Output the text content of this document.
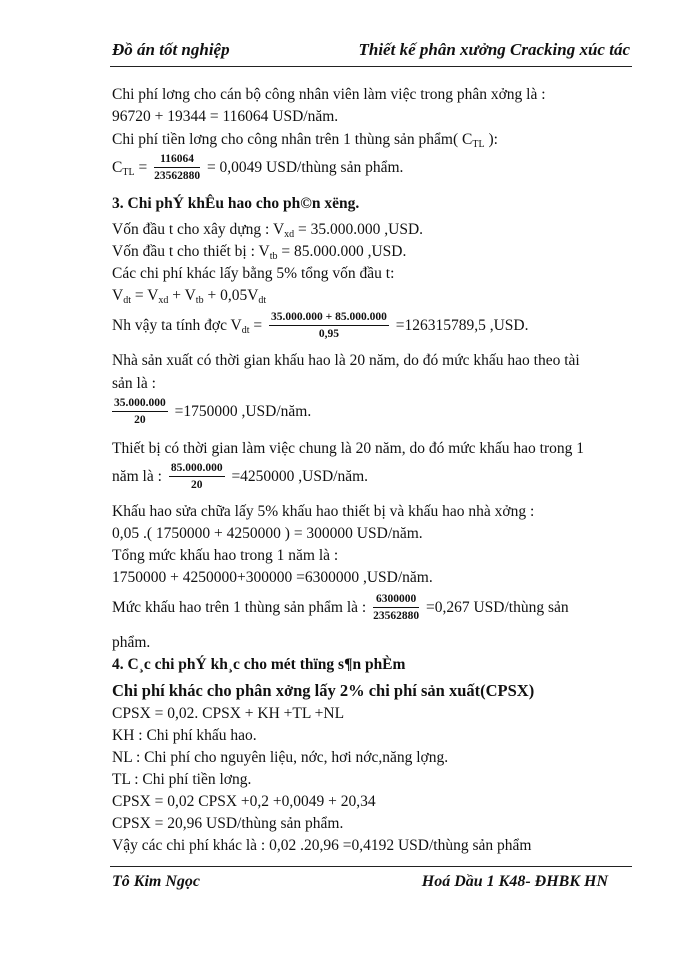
Đồ án tốt nghiệp	Thiết kế phân xưởng Cracking xúc tác
Chi phí lơng cho cán bộ công nhân viên làm việc trong phân xởng là :
96720 + 19344 = 116064 USD/năm.
Chi phí tiền lơng cho công nhân trên 1 thùng sản phẩm( $C_{TL}$ ):
$C_{TL} = \frac{116064}{23562880} = 0,0049$ USD/thùng sản phẩm.
3. Chi phÝ khÊu hao cho ph©n xëng.
Vốn đầu t cho xây dựng : $V_{xd} = 35.000.000$ ,USD.
Vốn đầu t cho thiết bị : $V_{tb} = 85.000.000$ ,USD.
Các chi phí khác lấy bằng 5% tổng vốn đầu t:
$V_{dt} = V_{xd} + V_{tb} + 0,05V_{dt}$
Nh vậy ta tính đợc $V_{dt} = \frac{35.000.000 + 85.000.000}{0,95} =126315789,5$ ,USD.
Nhà sản xuất có thời gian khấu hao là 20 năm, do đó mức khấu hao theo tài
sản là :
$\frac{35.000.000}{20} =1750000$ ,USD/năm.
Thiết bị có thời gian làm việc chung là 20 năm, do đó mức khấu hao trong 1
năm là : $\frac{85.000.000}{20} =4250000$ ,USD/năm.
Khấu hao sửa chữa lấy 5% khấu hao thiết bị và khấu hao nhà xởng :
0,05 .( 1750000 + 4250000 ) = 300000 USD/năm.
Tổng mức khấu hao trong 1 năm là :
1750000 + 4250000+300000 =6300000 ,USD/năm.
Mức khấu hao trên 1 thùng sản phẩm là : $\frac{6300000}{23562880} =0,267$ USD/thùng sản
phẩm.
4. C¸c chi phÝ kh¸c cho mét thïng s¶n phÈm
Chi phí khác cho phân xởng lấy 2% chi phí sản xuất(CPSX)
CPSX = 0,02. CPSX + KH +TL +NL
KH : Chi phí khấu hao.
NL : Chi phí cho nguyên liệu, nớc, hơi nớc,năng lợng.
TL : Chi phí tiền lơng.
CPSX = 0,02 CPSX +0,2 +0,0049 + 20,34
CPSX = 20,96 USD/thùng sản phẩm.
Vậy các chi phí khác là : 0,02 .20,96 =0,4192 USD/thùng sản phẩm
Tô Kim Ngọc	Hoá Dầu 1 K48- ĐHBK HN
